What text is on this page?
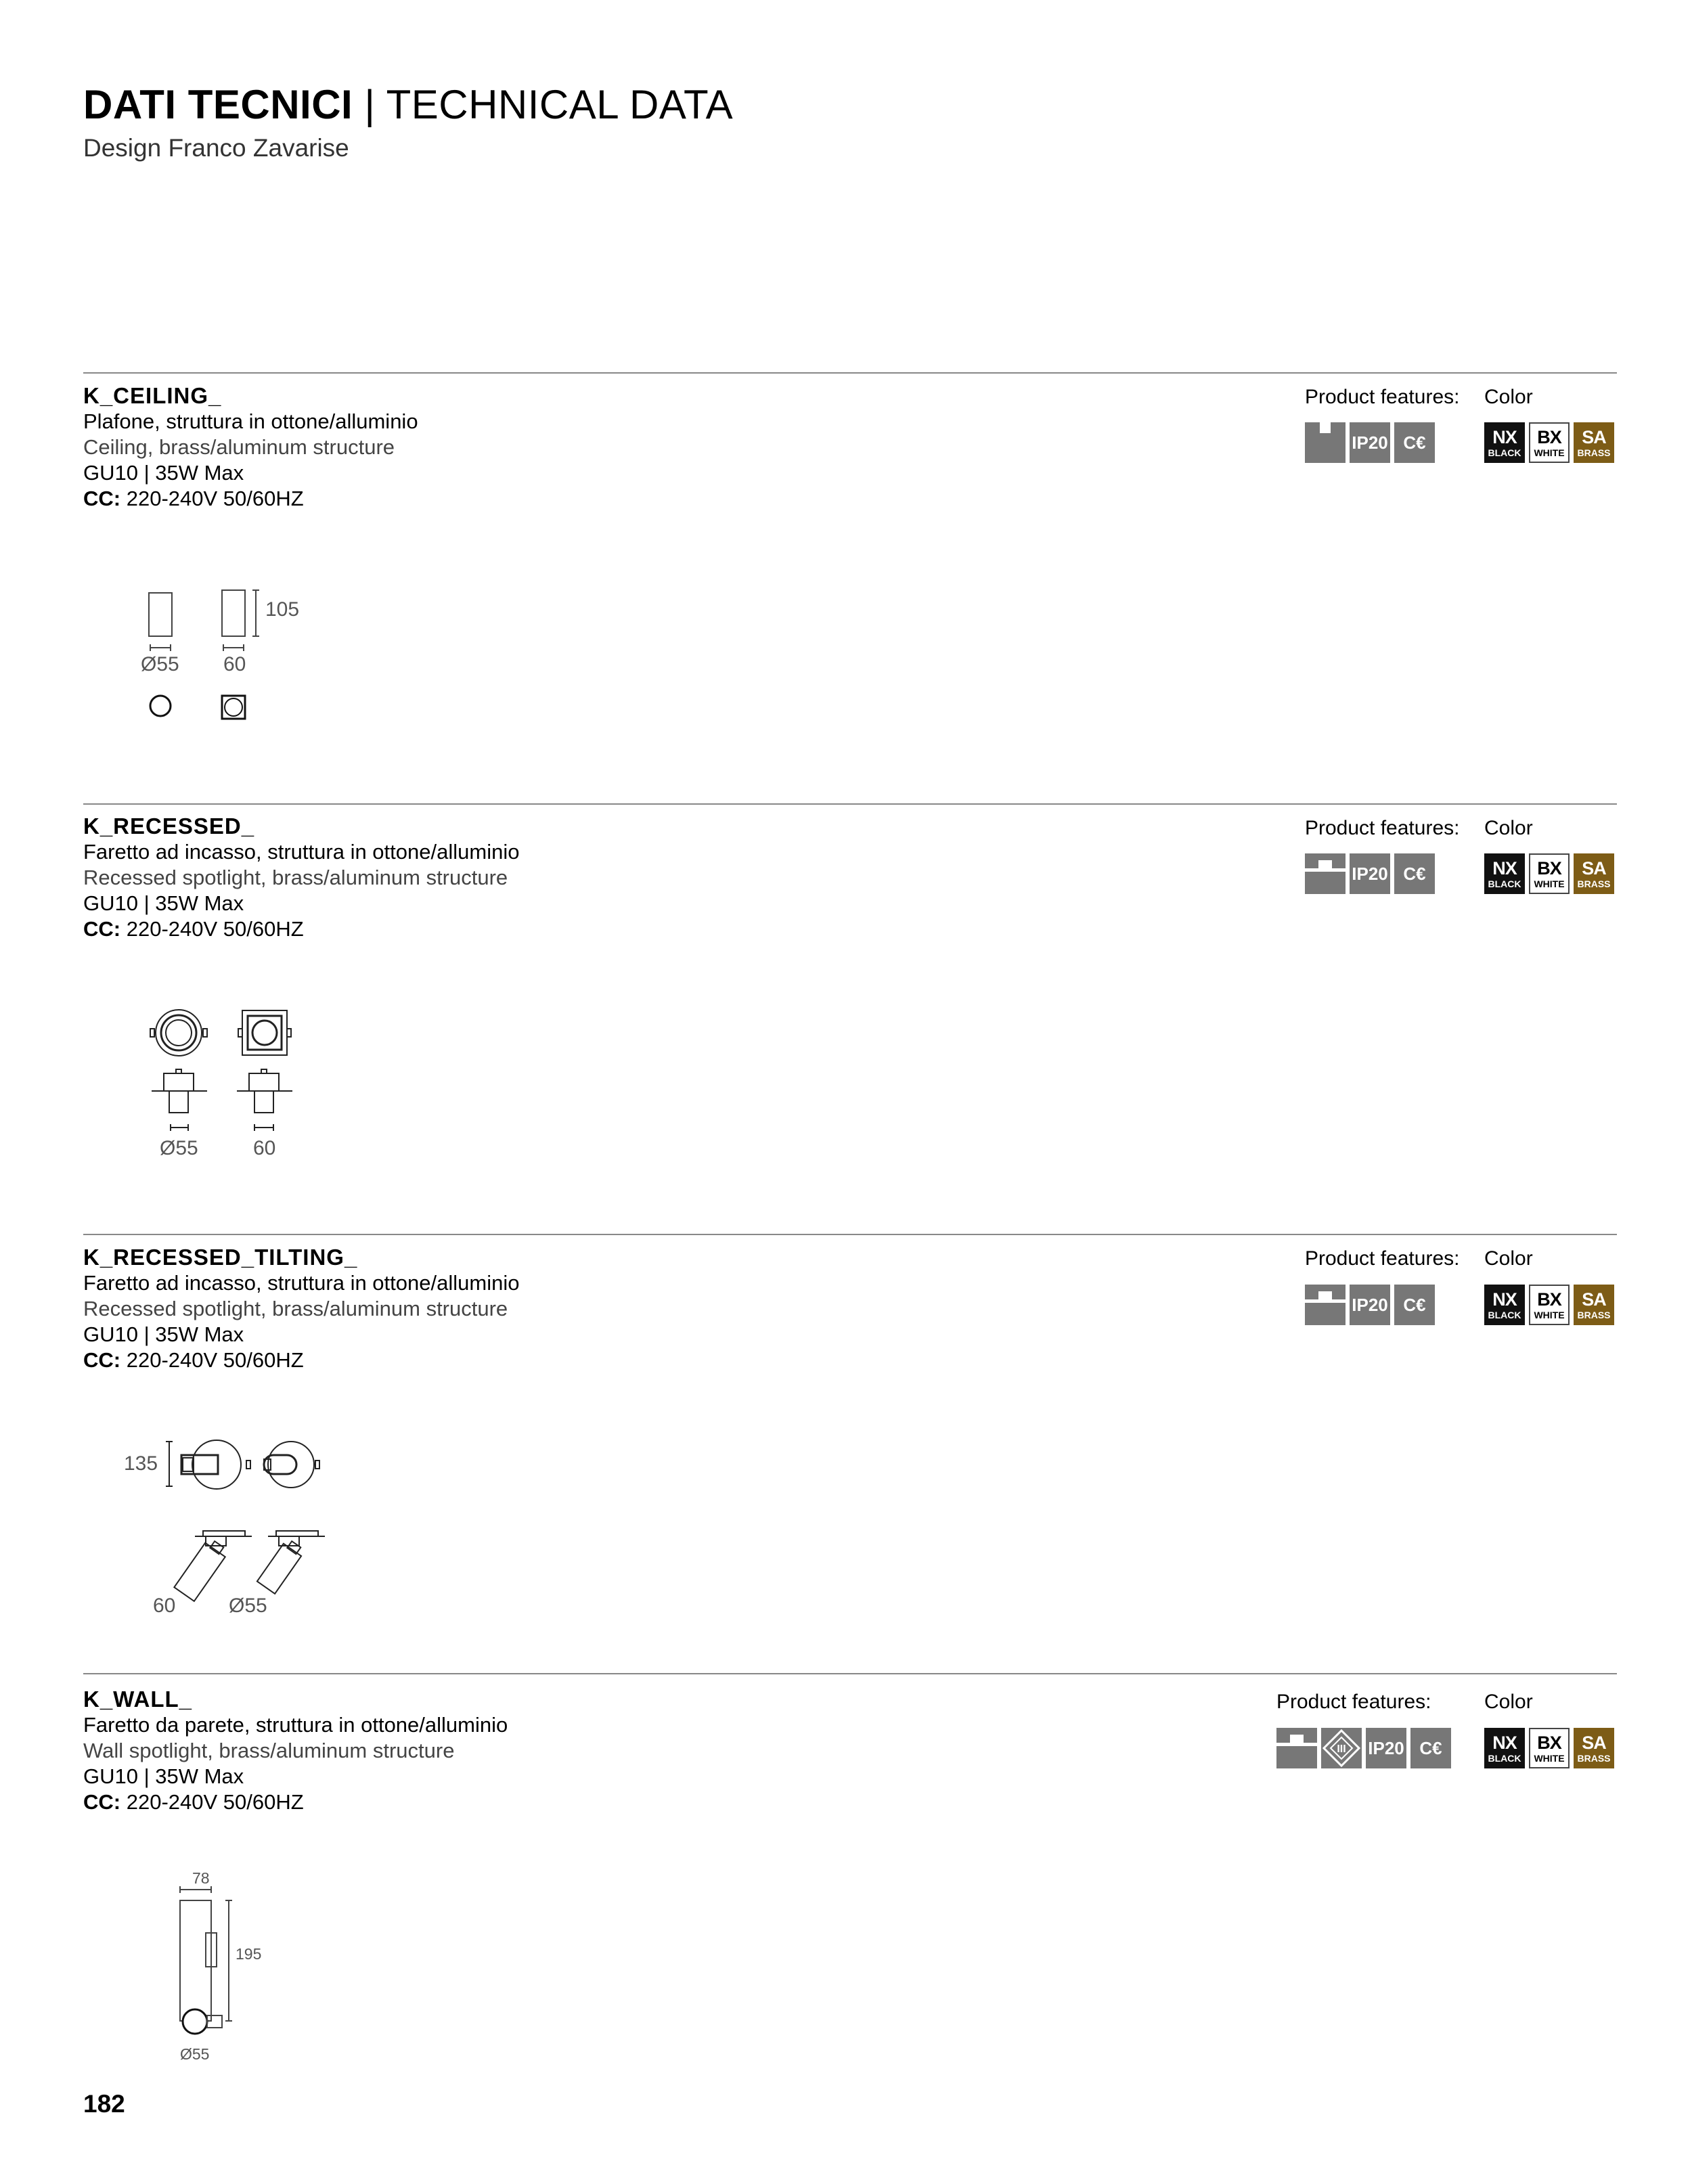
DATI TECNICI | TECHNICAL DATA
Design Franco Zavarise
K_CEILING_
Plafone, struttura in ottone/alluminio
Ceiling, brass/aluminum structure
GU10 | 35W Max
CC: 220-240V 50/60HZ
Product features: Color
IP20 C€	NX
BLACK
BX
WHITE
SA
BRASS
Ø55 60
105
K_RECESSED_
Faretto ad incasso, struttura in ottone/alluminio
Recessed spotlight, brass/aluminum structure
GU10 | 35W Max
CC: 220-240V 50/60HZ
Product features: Color
IP20 C€	NX
BLACK
BX
WHITE
SA
BRASS
Ø55	60
K_RECESSED_TILTING_
Faretto ad incasso, struttura in ottone/alluminio
Recessed spotlight, brass/aluminum structure
GU10 | 35W Max
CC: 220-240V 50/60HZ
Product features: Color
IP20 C€	NX
BLACK
BX
WHITE
SA
BRASS
135
60	Ø55
K_WALL_
Faretto da parete, struttura in ottone/alluminio
Wall spotlight, brass/aluminum structure
GU10 | 35W Max
CC: 220-240V 50/60HZ
Product features:	Color
III IP20 C€	NX
BLACK
BX
WHITE
SA
BRASS
78
195
Ø55
182
